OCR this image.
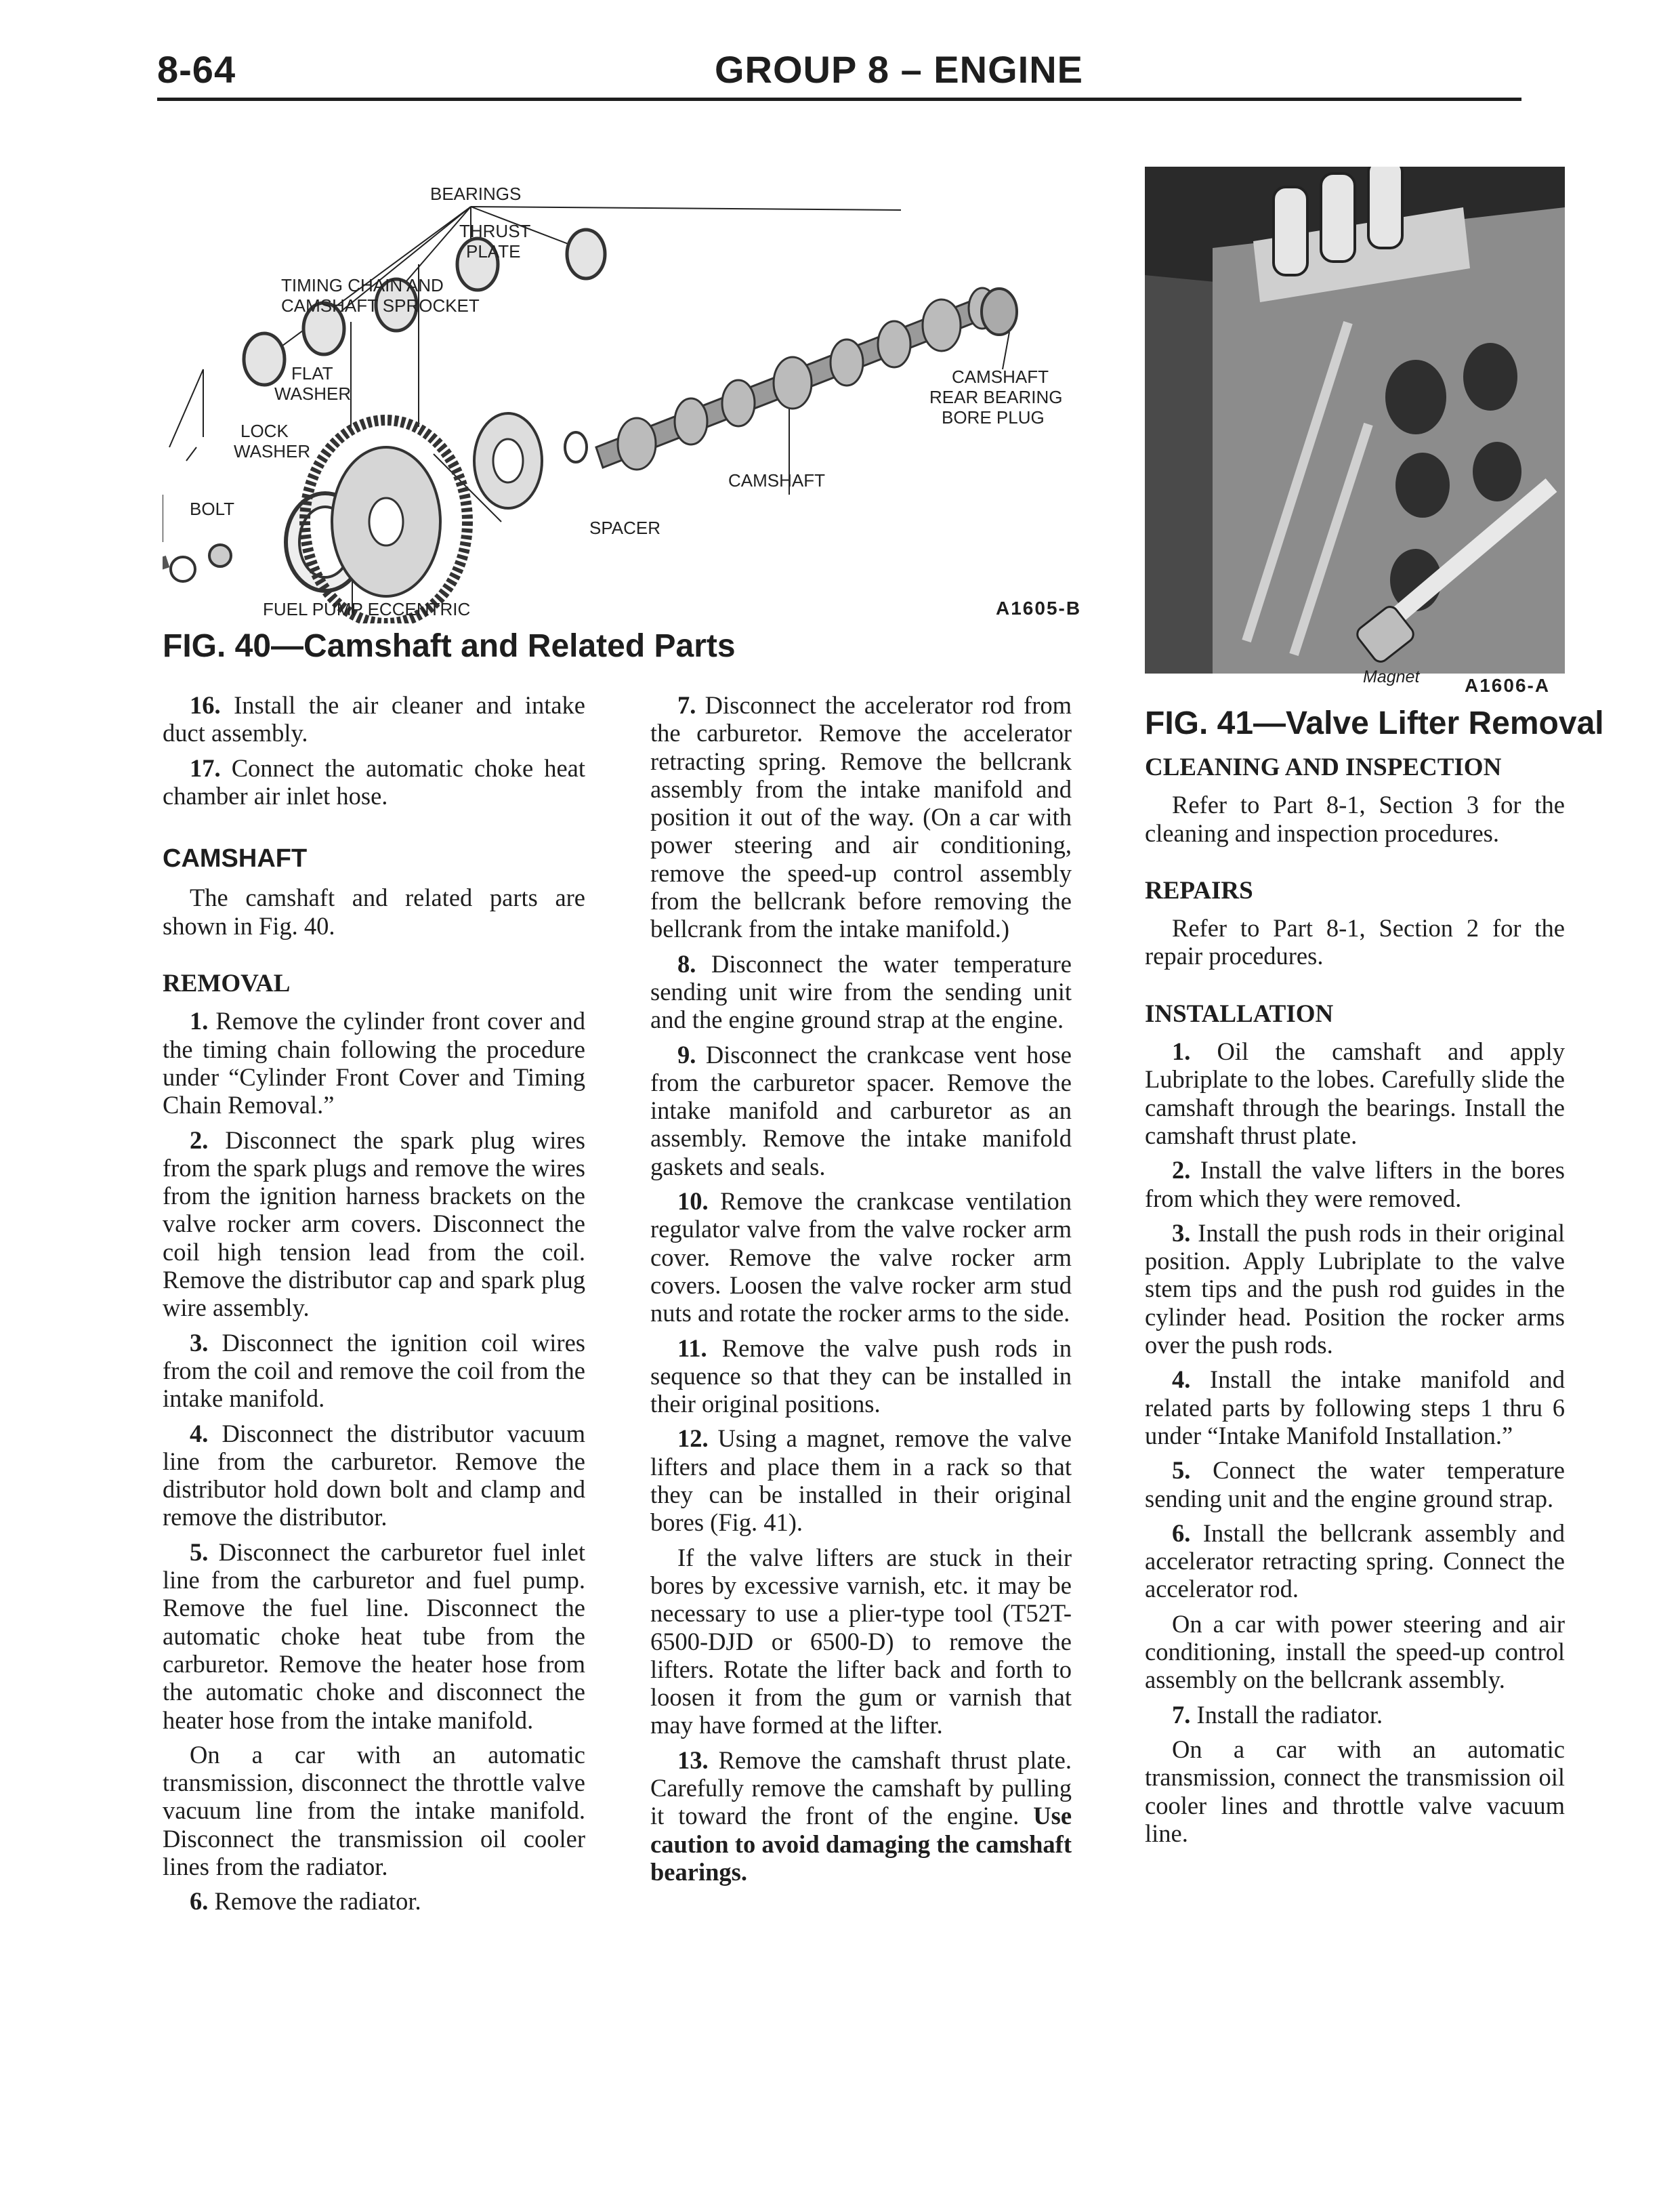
8-64	GROUP 8 – ENGINE
BEARINGS
THRUST PLATE
TIMING CHAIN AND CAMSHAFT SPROCKET
FLAT WASHER
LOCK WASHER
BOLT
SPACER
CAMSHAFT
CAMSHAFT REAR BEARING BORE PLUG
FUEL PUMP ECCENTRIC	A1605-B
FIG. 40—Camshaft and Related Parts
Magnet A1606-A
FIG. 41—Valve Lifter Removal

16. Install the air cleaner and intake duct assembly.

17. Connect the automatic choke heat chamber air inlet hose.

CAMSHAFT

The camshaft and related parts are shown in Fig. 40.

REMOVAL

1. Remove the cylinder front cover and the timing chain following the procedure under “Cylinder Front Cover and Timing Chain Removal.”

2. Disconnect the spark plug wires from the spark plugs and remove the wires from the ignition harness brackets on the valve rocker arm covers. Disconnect the coil high tension lead from the coil. Remove the distributor cap and spark plug wire assembly.

3. Disconnect the ignition coil wires from the coil and remove the coil from the intake manifold.

4. Disconnect the distributor vacuum line from the carburetor. Remove the distributor hold down bolt and clamp and remove the distributor.

5. Disconnect the carburetor fuel inlet line from the carburetor and fuel pump. Remove the fuel line. Disconnect the automatic choke heat tube from the carburetor. Remove the heater hose from the automatic choke and disconnect the heater hose from the intake manifold.

On a car with an automatic transmission, disconnect the throttle valve vacuum line from the intake manifold. Disconnect the transmission oil cooler lines from the radiator.

6. Remove the radiator.

7. Disconnect the accelerator rod from the carburetor. Remove the accelerator retracting spring. Remove the bellcrank assembly from the intake manifold and position it out of the way. (On a car with power steering and air conditioning, remove the speed-up control assembly from the bellcrank before removing the bellcrank from the intake manifold.)

8. Disconnect the water temperature sending unit wire from the sending unit and the engine ground strap at the engine.

9. Disconnect the crankcase vent hose from the carburetor spacer. Remove the intake manifold and carburetor as an assembly. Remove the intake manifold gaskets and seals.

10. Remove the crankcase ventilation regulator valve from the valve rocker arm cover. Remove the valve rocker arm covers. Loosen the valve rocker arm stud nuts and rotate the rocker arms to the side.

11. Remove the valve push rods in sequence so that they can be installed in their original positions.

12. Using a magnet, remove the valve lifters and place them in a rack so that they can be installed in their original bores (Fig. 41).

If the valve lifters are stuck in their bores by excessive varnish, etc. it may be necessary to use a plier-type tool (T52T-6500-DJD or 6500-D) to remove the lifters. Rotate the lifter back and forth to loosen it from the gum or varnish that may have formed at the lifter.

13. Remove the camshaft thrust plate. Carefully remove the camshaft by pulling it toward the front of the engine. Use caution to avoid damaging the camshaft bearings.

CLEANING AND INSPECTION

Refer to Part 8-1, Section 3 for the cleaning and inspection procedures.

REPAIRS

Refer to Part 8-1, Section 2 for the repair procedures.

INSTALLATION

1. Oil the camshaft and apply Lubriplate to the lobes. Carefully slide the camshaft through the bearings. Install the camshaft thrust plate.

2. Install the valve lifters in the bores from which they were removed.

3. Install the push rods in their original position. Apply Lubriplate to the valve stem tips and the push rod guides in the cylinder head. Position the rocker arms over the push rods.

4. Install the intake manifold and related parts by following steps 1 thru 6 under “Intake Manifold Installation.”

5. Connect the water temperature sending unit and the engine ground strap.

6. Install the bellcrank assembly and accelerator retracting spring. Connect the accelerator rod.

On a car with power steering and air conditioning, install the speed-up control assembly on the bellcrank assembly.

7. Install the radiator.

On a car with an automatic transmission, connect the transmission oil cooler lines and throttle valve vacuum line.
